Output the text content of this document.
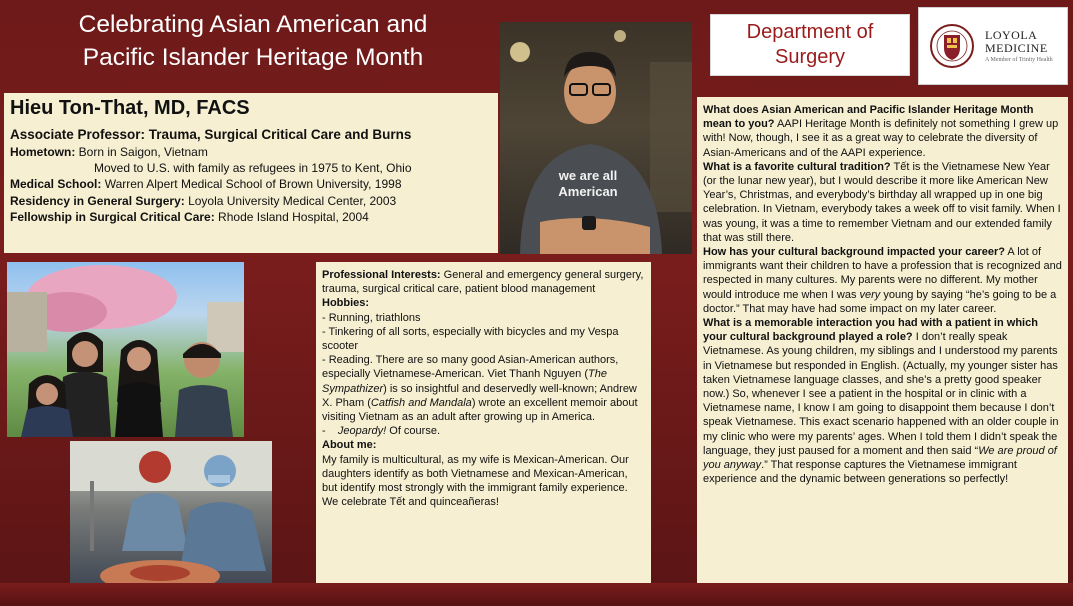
Celebrating Asian American and
Pacific Islander Heritage Month
Department of
Surgery
LOYOLA
MEDICINE
A Member of Trinity Health
Hieu Ton-That, MD, FACS
Associate Professor: Trauma, Surgical Critical Care and Burns
Hometown: Born in Saigon, Vietnam
Moved to U.S. with family as refugees in 1975 to Kent, Ohio
Medical School: Warren Alpert Medical School of Brown University, 1998
Residency in General Surgery: Loyola University Medical Center, 2003
Fellowship in Surgical Critical Care: Rhode Island Hospital, 2004
we are all
American
Professional Interests: General and emergency general surgery, trauma, surgical critical care, patient blood management
Hobbies:
- Running, triathlons
- Tinkering of all sorts, especially with bicycles and my Vespa scooter
- Reading. There are so many good Asian-American authors, especially Vietnamese-American. Viet Thanh Nguyen (The Sympathizer) is so insightful and deservedly well-known; Andrew X. Pham (Catfish and Mandala) wrote an excellent memoir about visiting Vietnam as an adult after growing up in America.
-    Jeopardy! Of course.
About me:
My family is multicultural, as my wife is Mexican-American. Our daughters identify as both Vietnamese and Mexican-American, but identify most strongly with the immigrant family experience. We celebrate Tết and quinceañeras!
What does Asian American and Pacific Islander Heritage Month mean to you? AAPI Heritage Month is definitely not something I grew up with! Now, though, I see it as a great way to celebrate the diversity of Asian-Americans and of the AAPI experience.
What is a favorite cultural tradition? Tết is the Vietnamese New Year (or the lunar new year), but I would describe it more like American New Year’s, Christmas, and everybody’s birthday all wrapped up in one big celebration. In Vietnam, everybody takes a week off to visit family. When I was young, it was a time to remember Vietnam and our extended family that was still there.
How has your cultural background impacted your career? A lot of immigrants want their children to have a profession that is recognized and respected in many cultures. My parents were no different. My mother would introduce me when I was very young by saying “he’s going to be a doctor.” That may have had some impact on my later career.
What is a memorable interaction you had with a patient in which your cultural background played a role? I don’t really speak Vietnamese. As young children, my siblings and I understood my parents in Vietnamese but responded in English. (Actually, my younger sister has taken Vietnamese language classes, and she’s a pretty good speaker now.) So, whenever I see a patient in the hospital or in clinic with a Vietnamese name, I know I am going to disappoint them because I don’t speak Vietnamese. This exact scenario happened with an older couple in my clinic who were my parents’ ages. When I told them I didn’t speak the language, they just paused for a moment and then said “We are proud of you anyway.” That response captures the Vietnamese immigrant experience and the dynamic between generations so perfectly!
